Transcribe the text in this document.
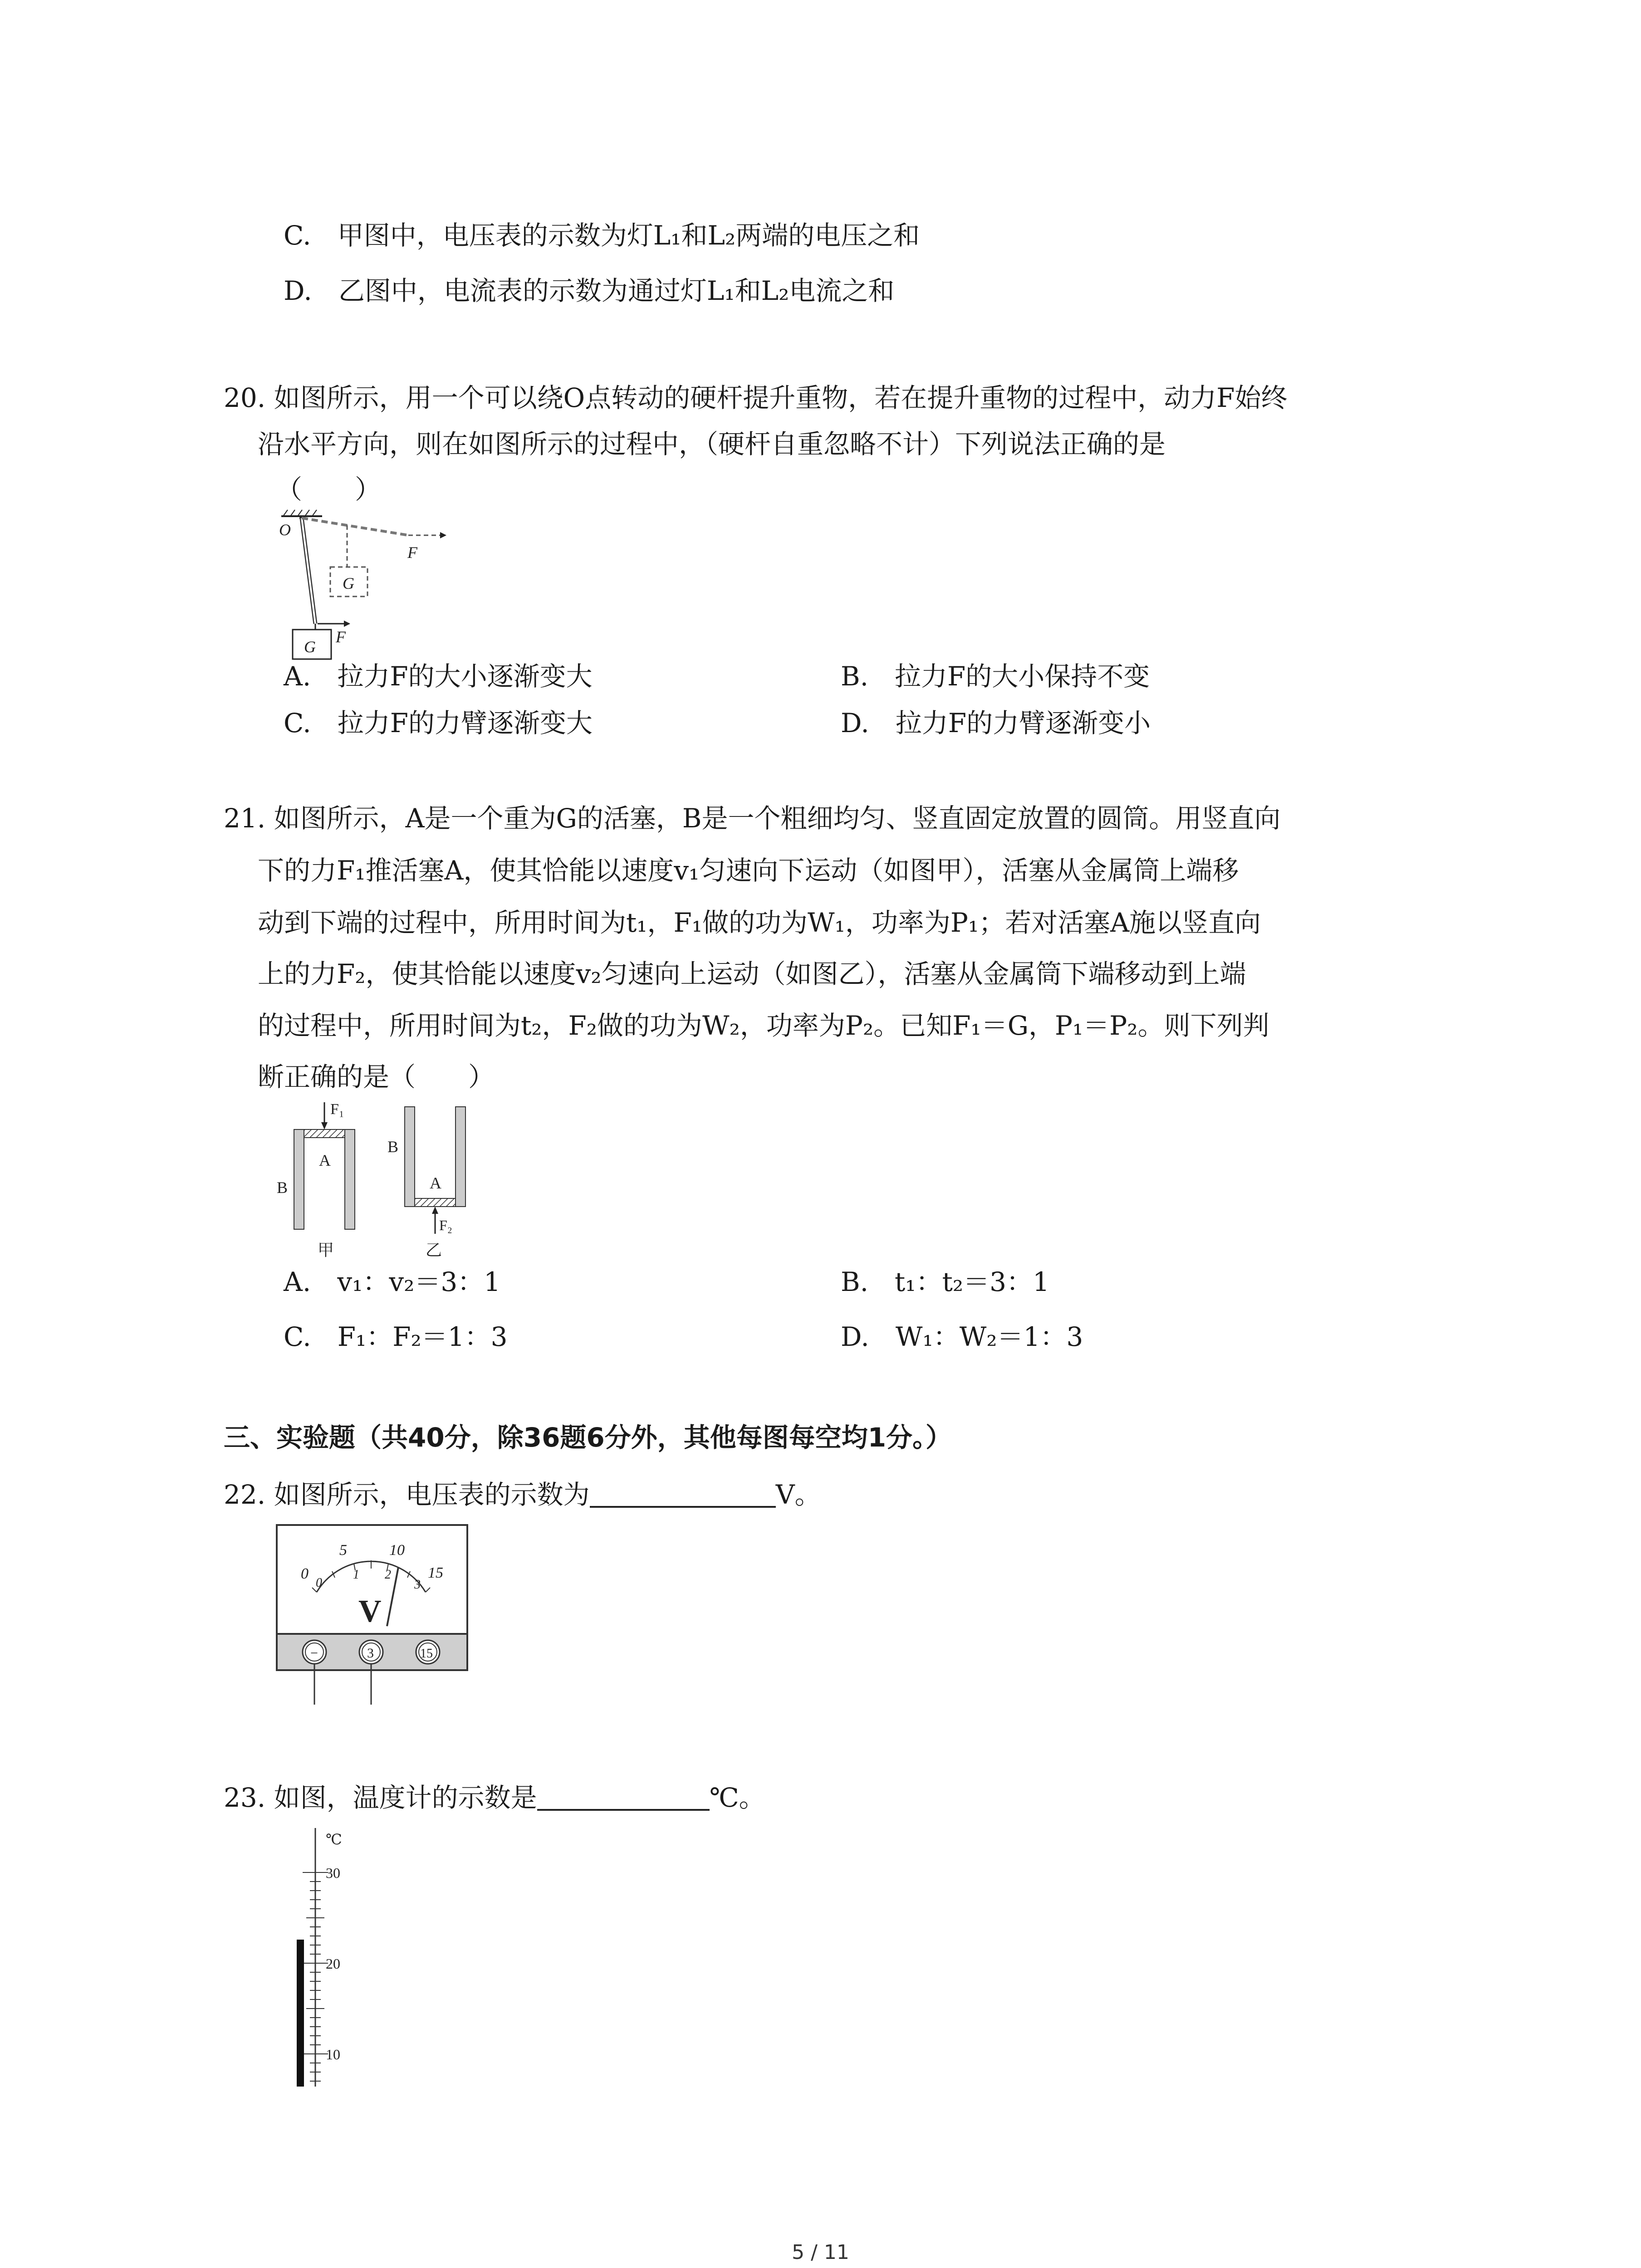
C.　甲图中，电压表的示数为灯L₁和L₂两端的电压之和
D.　乙图中，电流表的示数为通过灯L₁和L₂电流之和
20. 如图所示，用一个可以绕O点转动的硬杆提升重物，若在提升重物的过程中，动力F始终
沿水平方向，则在如图所示的过程中，（硬杆自重忽略不计）下列说法正确的是
（　　）
O
G
F
G
F
A.　拉力F的大小逐渐变大	B.　拉力F的大小保持不变
C.　拉力F的力臂逐渐变大	D.　拉力F的力臂逐渐变小
21. 如图所示，A是一个重为G的活塞，B是一个粗细均匀、竖直固定放置的圆筒。用竖直向
下的力F₁推活塞A，使其恰能以速度v₁匀速向下运动（如图甲），活塞从金属筒上端移
动到下端的过程中，所用时间为t₁，F₁做的功为W₁，功率为P₁；若对活塞A施以竖直向
上的力F₂，使其恰能以速度v₂匀速向上运动（如图乙），活塞从金属筒下端移动到上端
的过程中，所用时间为t₂，F₂做的功为W₂，功率为P₂。已知F₁＝G，P₁＝P₂。则下列判
断正确的是（　　）
F₁
A
B
甲
F₂
A
B
乙
A.　v₁：v₂＝3：1	B.　t₁：t₂＝3：1
C.　F₁：F₂＝1：3	D.　W₁：W₂＝1：3
三、实验题（共40分，除36题6分外，其他每图每空均1分。）
22. 如图所示，电压表的示数为	V。
0
5	10
15
0
1 2
3
V
−	3	15
23. 如图，温度计的示数是	℃。
℃
30
20
10
5 / 11
